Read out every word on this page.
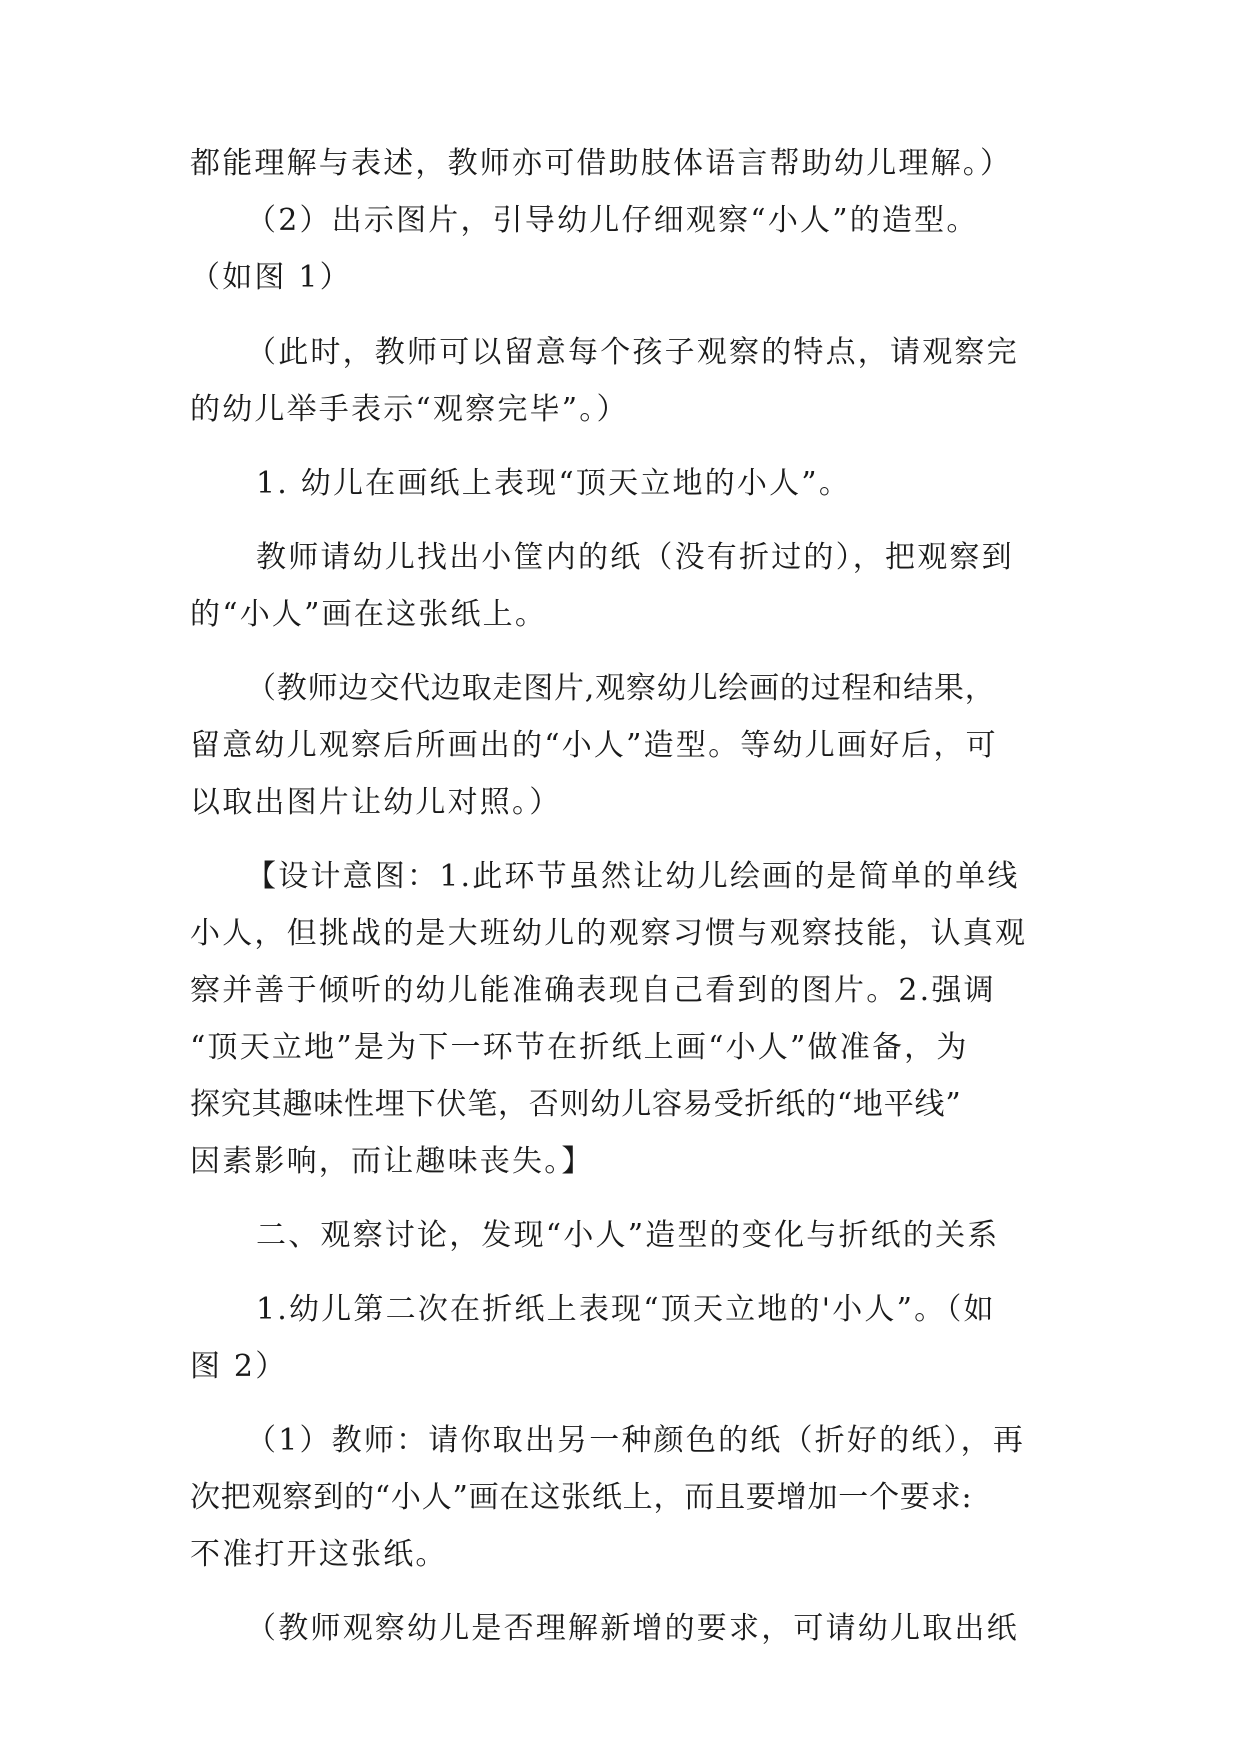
都能理解与表述，教师亦可借助肢体语言帮助幼儿理解。）
（2）出示图片，引导幼儿仔细观察“小人”的造型。
（如图 1）
（此时，教师可以留意每个孩子观察的特点，请观察完
的幼儿举手表示“观察完毕”。）
1. 幼儿在画纸上表现“顶天立地的小人”。
教师请幼儿找出小筐内的纸（没有折过的），把观察到
的“小人”画在这张纸上。
（教师边交代边取走图片,观察幼儿绘画的过程和结果，
留意幼儿观察后所画出的“小人”造型。等幼儿画好后，可
以取出图片让幼儿对照。）
【设计意图：1.此环节虽然让幼儿绘画的是简单的单线
小人，但挑战的是大班幼儿的观察习惯与观察技能，认真观
察并善于倾听的幼儿能准确表现自己看到的图片。2.强调
“顶天立地”是为下一环节在折纸上画“小人”做准备，为
探究其趣味性埋下伏笔，否则幼儿容易受折纸的“地平线”
因素影响，而让趣味丧失。】
二、观察讨论，发现“小人”造型的变化与折纸的关系
1.幼儿第二次在折纸上表现“顶天立地的'小人”。（如
图 2）
（1）教师：请你取出另一种颜色的纸（折好的纸），再
次把观察到的“小人”画在这张纸上，而且要增加一个要求:
不准打开这张纸。
（教师观察幼儿是否理解新增的要求，可请幼儿取出纸
